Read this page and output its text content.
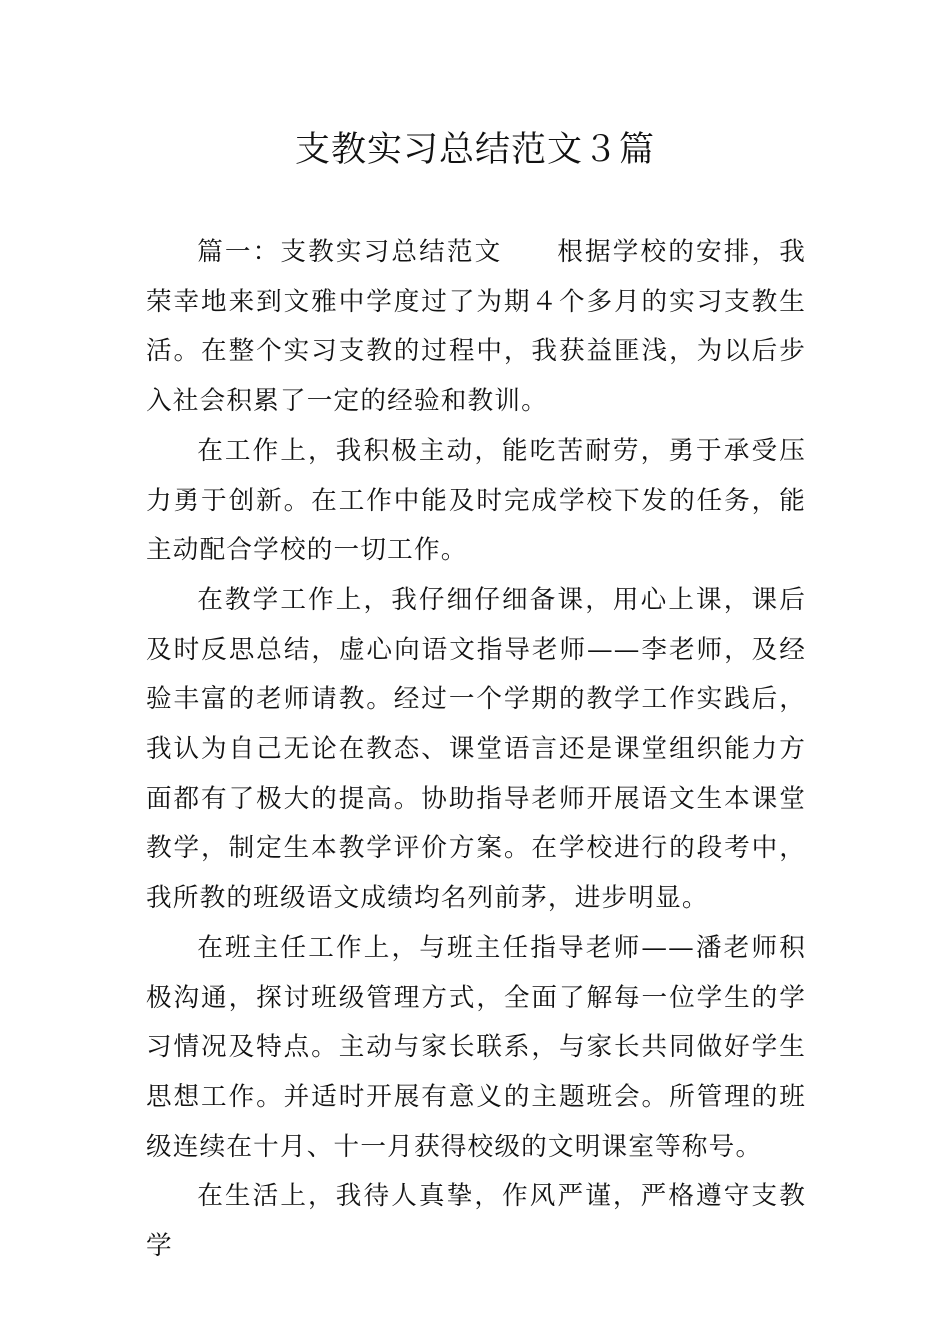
支教实习总结范文３篇

篇一：支教实习总结范文 根据学校的安排，我荣幸地来到文雅中学度过了为期４个多月的实习支教生活。在整个实习支教的过程中，我获益匪浅，为以后步入社会积累了一定的经验和教训。

在工作上，我积极主动，能吃苦耐劳，勇于承受压力勇于创新。在工作中能及时完成学校下发的任务，能主动配合学校的一切工作。

在教学工作上，我仔细仔细备课，用心上课，课后及时反思总结，虚心向语文指导老师——李老师，及经验丰富的老师请教。经过一个学期的教学工作实践后，我认为自己无论在教态、课堂语言还是课堂组织能力方面都有了极大的提高。协助指导老师开展语文生本课堂教学，制定生本教学评价方案。在学校进行的段考中，我所教的班级语文成绩均名列前茅，进步明显。

在班主任工作上，与班主任指导老师——潘老师积极沟通，探讨班级管理方式，全面了解每一位学生的学习情况及特点。主动与家长联系，与家长共同做好学生思想工作。并适时开展有意义的主题班会。所管理的班级连续在十月、十一月获得校级的文明课室等称号。

在生活上，我待人真挚，作风严谨，严格遵守支教学
